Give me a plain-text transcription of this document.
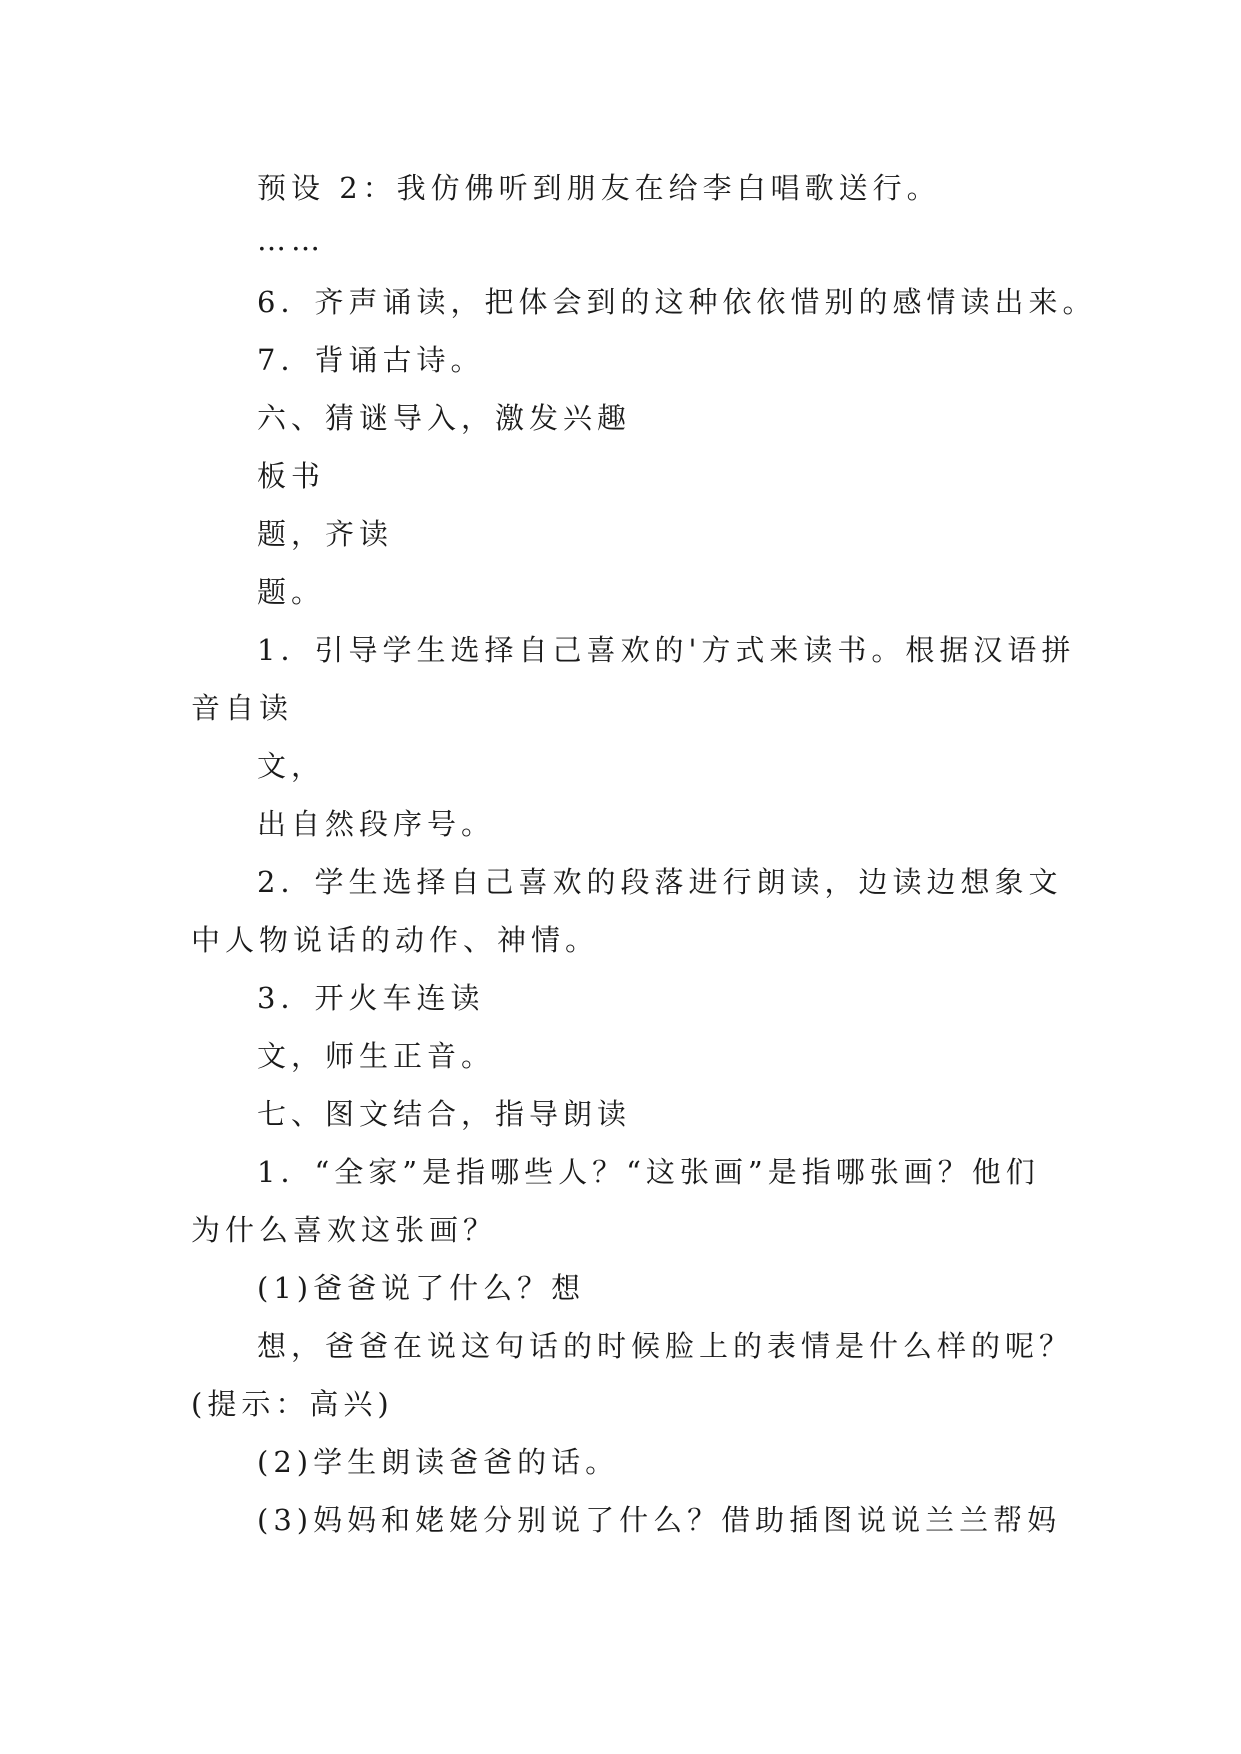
预设 2：我仿佛听到朋友在给李白唱歌送行。
……
6．齐声诵读，把体会到的这种依依惜别的感情读出来。
7．背诵古诗。
六、猜谜导入，激发兴趣
板书
题，齐读
题。
1．引导学生选择自己喜欢的'方式来读书。根据汉语拼
音自读
文，
出自然段序号。
2．学生选择自己喜欢的段落进行朗读，边读边想象文
中人物说话的动作、神情。
3．开火车连读
文，师生正音。
七、图文结合，指导朗读
1．“全家”是指哪些人？“这张画”是指哪张画？他们
为什么喜欢这张画？
(1)爸爸说了什么？想
想，爸爸在说这句话的时候脸上的表情是什么样的呢？
(提示：高兴)
(2)学生朗读爸爸的话。
(3)妈妈和姥姥分别说了什么？借助插图说说兰兰帮妈
